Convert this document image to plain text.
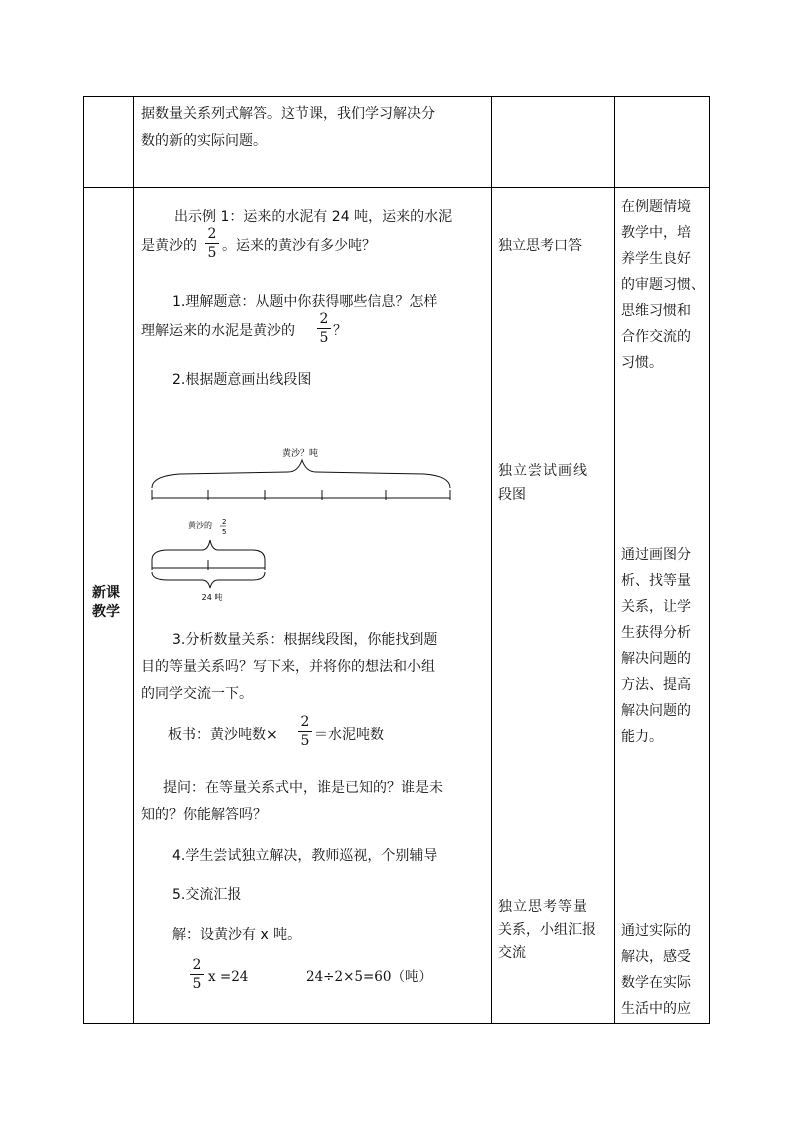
据数量关系列式解答。这节课，我们学习解决分
数的新的实际问题。
新课
教学
出示例 1：运来的水泥有 24 吨，运来的水泥
是黄沙的
2
5 。运来的黄沙有多少吨？
1.理解题意：从题中你获得哪些信息？怎样
理解运来的水泥是黄沙的
2
5 ？
2.根据题意画出线段图
黄沙？吨
黄沙的 2
5
24 吨
3.分析数量关系：根据线段图，你能找到题
目的等量关系吗？写下来，并将你的想法和小组
的同学交流一下。
板书：黄沙吨数×
2
5 ＝水泥吨数
提问：在等量关系式中，谁是已知的？谁是未
知的？你能解答吗？
4.学生尝试独立解决，教师巡视，个别辅导
5.交流汇报
解：设黄沙有 x 吨。
2
5 x =24	24÷2×5=60（吨）
独立思考口答
独立尝试画线
段图
独立思考等量
关系，小组汇报
交流
在例题情境
教学中，培
养学生良好
的审题习惯、
思维习惯和
合作交流的
习惯。
通过画图分
析、找等量
关系，让学
生获得分析
解决问题的
方法、提高
解决问题的
能力。
通过实际的
解决，感受
数学在实际
生活中的应
